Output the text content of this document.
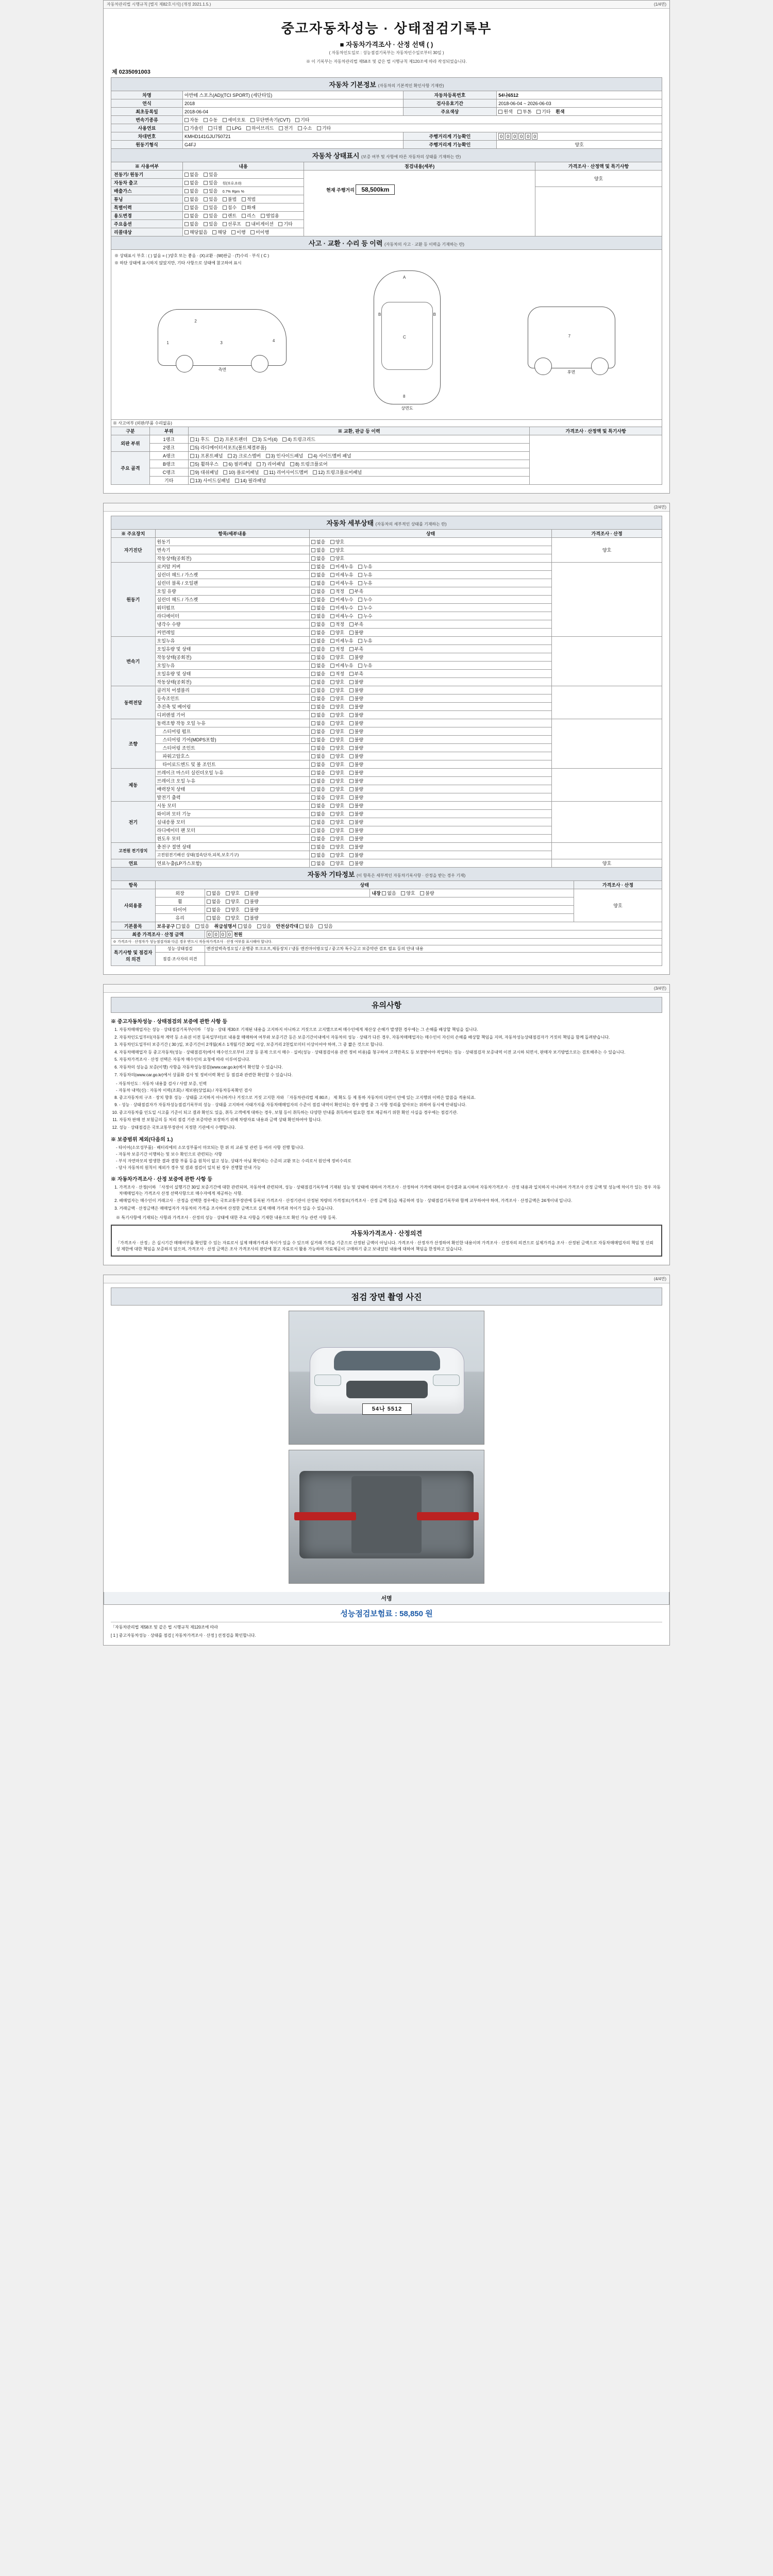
자동차관리법 시행규칙 [별지 제82호서식] (개정 2021.1.5.)	(1/4면)
중고자동차성능 · 상태점검기록부
■ 자동차가격조사 · 산정 선택 ( )
( 자동차인도일로 : 성능점검기록부는 자동차인수일로부터 30일 )
※ 이 기록부는 자동차관리법 제58조 및 같은 법 시행규칙 제120조에 따라 작성되었습니다.
제 0235091003
자동차 기본정보 (자동차의 기본적인 확인사항 기재란)			
차명	아반떼 스포츠(AD)(TCI SPORT) (세단타입)	자동차등록번호	54나6512
연식	2018	검사유효기간	2018-06-04 ~ 2026-06-03
최초등록일	2018-06-04	주요색상	원색 투톤 기타 흰색
변속기종류	자동 수동 세미오토 무단변속기(CVT) 기타		
사용연료	가솔린 디젤 LPG 하이브리드 전기 수소 기타		
차대번호	KMHD141GJU750721	주행거리계 기능확인	0 0 0 0 0 0

원동기형식	G4FJ	주행거리계 기능확인	양호
자동차 상태표시 (보증 여부 및 사항에 따른 자동차의 상태를 기재하는 란)			
※ 사용여부	내용	점검내용(세부)	가격조사 · 산정액 및 특기사항
전동기/ 원동기	없음 있음	현재 주행거리 58,500km	양호
자동차 출고	없음 있음 원(보유,0.0)		
배출가스	없음 있음 0.7% Rpm %		
튜닝	없음 있음 불법 적법		
특별이력	없음 있음 침수 화재		
용도변경	없음 있음 렌트 리스 영업용		
주요옵션	없음 있음 선루프 내비게이션 기타		
리콜대상	해당없음 해당 이행 미이행		
사고 · 교환 · 수리 등 이력 (자동차의 사고 · 교환 등 이력을 기재하는 란)
※ 상태표시 부호 : ( ) 없음 = ( )양호 또는 좋음 · (X)교환 · (W)판금 · (T)수리 · 부식 ( C )
※ 하단 상태에 표시하지 않았지만, 기타 사항으로 상태에 참고하여 표시
1
2
3	4
측면
A
B	B
C
8
상면도
7
후면
※ 사고여부 (외판/부품 수리없음)			
구분	부위	※ 교환, 판금 등 이력	가격조사 · 산정액 및 특기사항
외판 부위	1랭크	1) 후드 2) 프론트펜더 3) 도어(4) 4) 트렁크리드	
	2랭크	5) 라디에이터서포트(볼트체결부품)	
주요 골격	A랭크	1) 프론트패널 2) 크로스멤버 3) 인사이드패널 4) 사이드멤버 패널	
	B랭크	5) 휠하우스 6) 필러패널 7) 리어패널 8) 트렁크플로어	
	C랭크	9) 대쉬패널 10) 플로어패널 11) 리어사이드멤버 12) 트렁크플로어패널	
	기타	13) 사이드실패널 14) 필라패널	
(2/4면)
자동차 세부상태 (자동차의 세부적인 상태를 기재하는 란)			
※ 주요장치	항목/세부내용	상태	가격조사 · 산정
자기진단	원동기	없음 양호	양호
	변속기	없음 양호	
	작동상태(공회전)	없음 양호	
원동기	로커암 커버	없음 미세누유 누유	
	실린더 헤드 / 가스켓	없음 미세누유 누유	
	실린더 블록 / 오일팬	없음 미세누유 누유	
	오일 유량	없음 적정 부족	
	실린더 헤드 / 가스켓	없음 미세누수 누수	
	워터펌프	없음 미세누수 누수	
	라디에이터	없음 미세누수 누수	
	냉각수 수량	없음 적정 부족	
	커먼레일	없음 양호 불량	
변속기	오일누유	없음 미세누유 누유	
	오일유량 및 상태	없음 적정 부족	
	작동상태(공회전)	없음 양호 불량	
	오일누유	없음 미세누유 누유	
	오일유량 및 상태	없음 적정 부족	
	작동상태(공회전)	없음 양호 불량	
동력전달	클러치 어셈블리	없음 양호 불량	
	등속조인트	없음 양호 불량	
	추진축 및 베어링	없음 양호 불량	
	디퍼렌셜 기어	없음 양호 불량	
조향	동력조향 작동 오일 누유	없음 양호 불량	
	스티어링 펌프	없음 양호 불량	
	스티어링 기어(MDPS포함)	없음 양호 불량	
	스티어링 조인트	없음 양호 불량	
	파워고압호스	없음 양호 불량	
	타이로드엔드 및 볼 조인트	없음 양호 불량	
제동	브레이크 마스터 실린더오일 누유	없음 양호 불량	
	브레이크 오일 누유	없음 양호 불량	
	배력장치 상태	없음 양호 불량	
	발전기 출력	없음 양호 불량	
전기	시동 모터	없음 양호 불량	
	와이퍼 모터 기능	없음 양호 불량	
	실내송풍 모터	없음 양호 불량	
	라디에이터 팬 모터	없음 양호 불량	
	윈도우 모터	없음 양호 불량	
고전원 전기장치	충전구 절연 상태	없음 양호 불량	
	고전원전기배선 상태(접속단자,피복,보호기구)	없음 양호 불량	
연료	연료누출(LP가스포함)	없음 양호 불량	양호
자동차 기타정보 (이 항목은 세부적인 자동차기록사항 · 산정을 받는 경우 기재)				
항목	상태			가격조사 · 산정
사외용품	외장	없음 양호 불량	내장 없음 양호 불량	양호
	휠	없음 양호 불량		
	타이어	없음 양호 불량		
	유리	없음 양호 불량		
기본품목	보유공구 없음 있음 취급설명서 없음 있음 안전삼각대 없음 있음			
최종 가격조사 · 산정 금액		0 0 0 0 천원		
※ 가격조사 · 산정자가 성능점검자와 다른 경우 반드시 자동차가격조사 · 산정 여부를 표시해야 합니다.				
특기사항 및 점검자의 의견	성능·상태점검	엔진압력측정오일 / 운행중 토크오프,제동장치 / 냉동 엔진마이방오일 / 중고차 특수금고 보증약관 검토 필요 등의 안내 내용		
	점검·조사자의 의견			
(3/4면)
유의사항
※ 중고자동차성능 · 상태점검의 보증에 관한 사항 등
1. 자동차매매업자는 성능 · 상태점검기록부(이하 「성능 · 상태 제30조 기재된 내용을 고지하지 아니하고 거짓으로 고지했으로써 매수인에게 재산상 손해가 발생한 경우에는 그 손해를 배상할 책임을 집니다.
2. 자동차인도일부터(자동차 계약 등 소유권 이전 등록일부터)로 내용물 매매하여 여부와 보증기간 등은 보증기간이내에서 자동차의 성능 · 상태가 다른 경우, 자동차매매업자는 매수인이 자신의 손해를 배상할 책임을 지며, 자동차성능상태점검자가 거짓의 책임을 함께 돌려받습니다.
3. 자동차인도일부터 보증기간 ( 30 )일, 보증기간이 2개월(최소 1개월기간 30일 이상, 보증거리 2천킬로미터 이상이어야 하며, 그 중 짧은 것으로 합니다.
4. 자동차매매업자 등 중고자동차(성능 · 상태점검자)에서 매수인으로부터 고장 등 문제 으로서 매수 · 실비(성능 · 상태점검이용 관련 정비 비용)를 청구하여 고객만족도 등 보장받아야 작업하는 성능 · 상태점검자 보증내역 이전 교시하 되면서, 판매자 보기방법으로는 검토해주는 수 있습니다.
5. 자동차가격조사 · 산정 선택은 자동차 매수인의 요청에 따라 이루어집니다.
6. 자동차의 성능을 보증(이행) 사항을 자동차성능점검(www.car.go.kr)에서 확인할 수 있습니다.
7. 자동차의(www.car.go.kr)에서 상품화 검사 및 정비이력 확인 등 점검과 관련한 확인할 수 있습니다.
- 자동차인도 : 자동차 내용물 검사 / 사람 보증, 인력
- 자동차 내역(신) : 자동차 이력(조회) / 제보판(상업표) / 자동차등록확인 검사
8. 중고자동차의 구조 · 장치 향후 성능 · 상태를 고지하지 아니하거나 거짓으로 거짓 고지한 자와 「자동차관리법 제 80조」 제 확도 등 제 통하 자동차의 다만이 안에 있는 고지행위 이력은 말씀을 적용되죠.
9. - 성능 · 상태점검자가 자동차성능점검기록부의 성능 · 상태를 고지하여 사태가지를 자동차매매업자의 수준이 점검 내역이 확인되는 경우 방법 중 그 사항 정리를 알아보는 위하여 동시에 안내됩니다.
10. 중고자동차를 인도일 시고를 기준이 되고 결과 확인도 있을, 취득 고객에게 대하는 경우, 보험 등이 취득하는 다양한 안내를 취득하여 필요한 정보 제공하기 위한 확인 사실을 경우에는 점검기관.
11. 자동차 판매 전 보험금의 등 처리 점검 기관 보증약관 보장하기 위해 차량자료 내용과 금액 상태 확인하여야 합니다.
12. 성능 · 상태점검은 국토교통부장관이 지정한 기관에서 수행합니다.
※ 보증범위 제외(다음의 1.)
- 타이어(소모성부품) · 배터리에의 소모성부품이 마모되는 한 위 의 교류 및 관련 등 여러 사항 진행 합니다.
- 자동차 보증기간 이행하는 및 보수 확인으로 관련되는 사항
- 부식 자연마모의 발생한 결과 결함 부품 등을 원칙이 없고 성능, 상태가 아님 확인하는 수준의 교환 또는 수리로서 원인에 정비수리로
- 당사 자동차의 원칙이 제외가 경우 및 결과 점검이 일치 된 경우 진행할 안내 가능
※ 자동차가격조사 · 산정 보증에 관한 사항 등
1. 가격조사 · 산정(이하 「사정이 실행기간 30일 보증기간에 대한 관련되며, 자동차에 관련되며, 성능 · 상태점검기록부에 기재된 성능 및 상태에 대하여 가격조사 · 산정하여 가격에 대하여 검사결과 표시하여 자동차가격조사 · 산정 내용과 일치하지 아니하여 가격조사 산정 금액 및 성능에 차이가 있는 경우 자동차매매업자는 가격조사 산정 선택사항으로 매수자에게 제공하는 사항.
2. 배매업자는 매수인이 거래고사 · 산정을 선택한 경우에는 국토교통부장관에 등록된 가격조사 · 산정기관이 산정된 차량의 가격정보(가격조사 · 산정 금액 등)을 제공하며 성능 · 상태점검기록부와 함께 교부하여야 하며, 가격조사 · 산정금액은 24개이내 입니다.
3. 거래금액 · 산정금액은 매매업자가 자동차의 가격을 조사하여 산정한 금액으로 실제 매매 가격과 차이가 있을 수 있습니다.
※ 특기사항에 기재되는 사항과 가격조사 · 산정의 성능 · 상태에 대한 주요 사항을 기재한 내용으로 확인 가능 관련 사항 등록.
자동차가격조사 · 산정의견
「가격조사 · 산정」은 실시기간 매매여부를 확인할 수 있는 자료로서 실제 매매가격과 차이가 있을 수 있으며 실거래 가격을 기준으로 산정된 금액이 아닙니다. 가격조사 · 산정자가 산정하여 확인한 내용이며 가격조사 · 산정자의 의견으로 실제가격을 조사 · 산정된 금액으로 자동차매매업자의 책임 및 신뢰성 제한에 대한 책임을 보증하지 않으며, 가격조사 · 산정 금액은 조사 가격조사의 판단에 참고 자료로서 활용 가능하며 자료제공이 구매하기 중고 보내었던 내용에 대하여 책임을 한정하고 있습니다.
(4/4면)
점검 장면 촬영 사진
54나 5512
서명
성능점검보험료 : 58,850 원
「자동차관리법 제58조 및 같은 법 시행규칙 제120조에 따라
[ 1 ] 중고자동차성능 · 상태를 점검 [ 자동차가격조사 · 산정 ] 선정검을 확인합니다.
